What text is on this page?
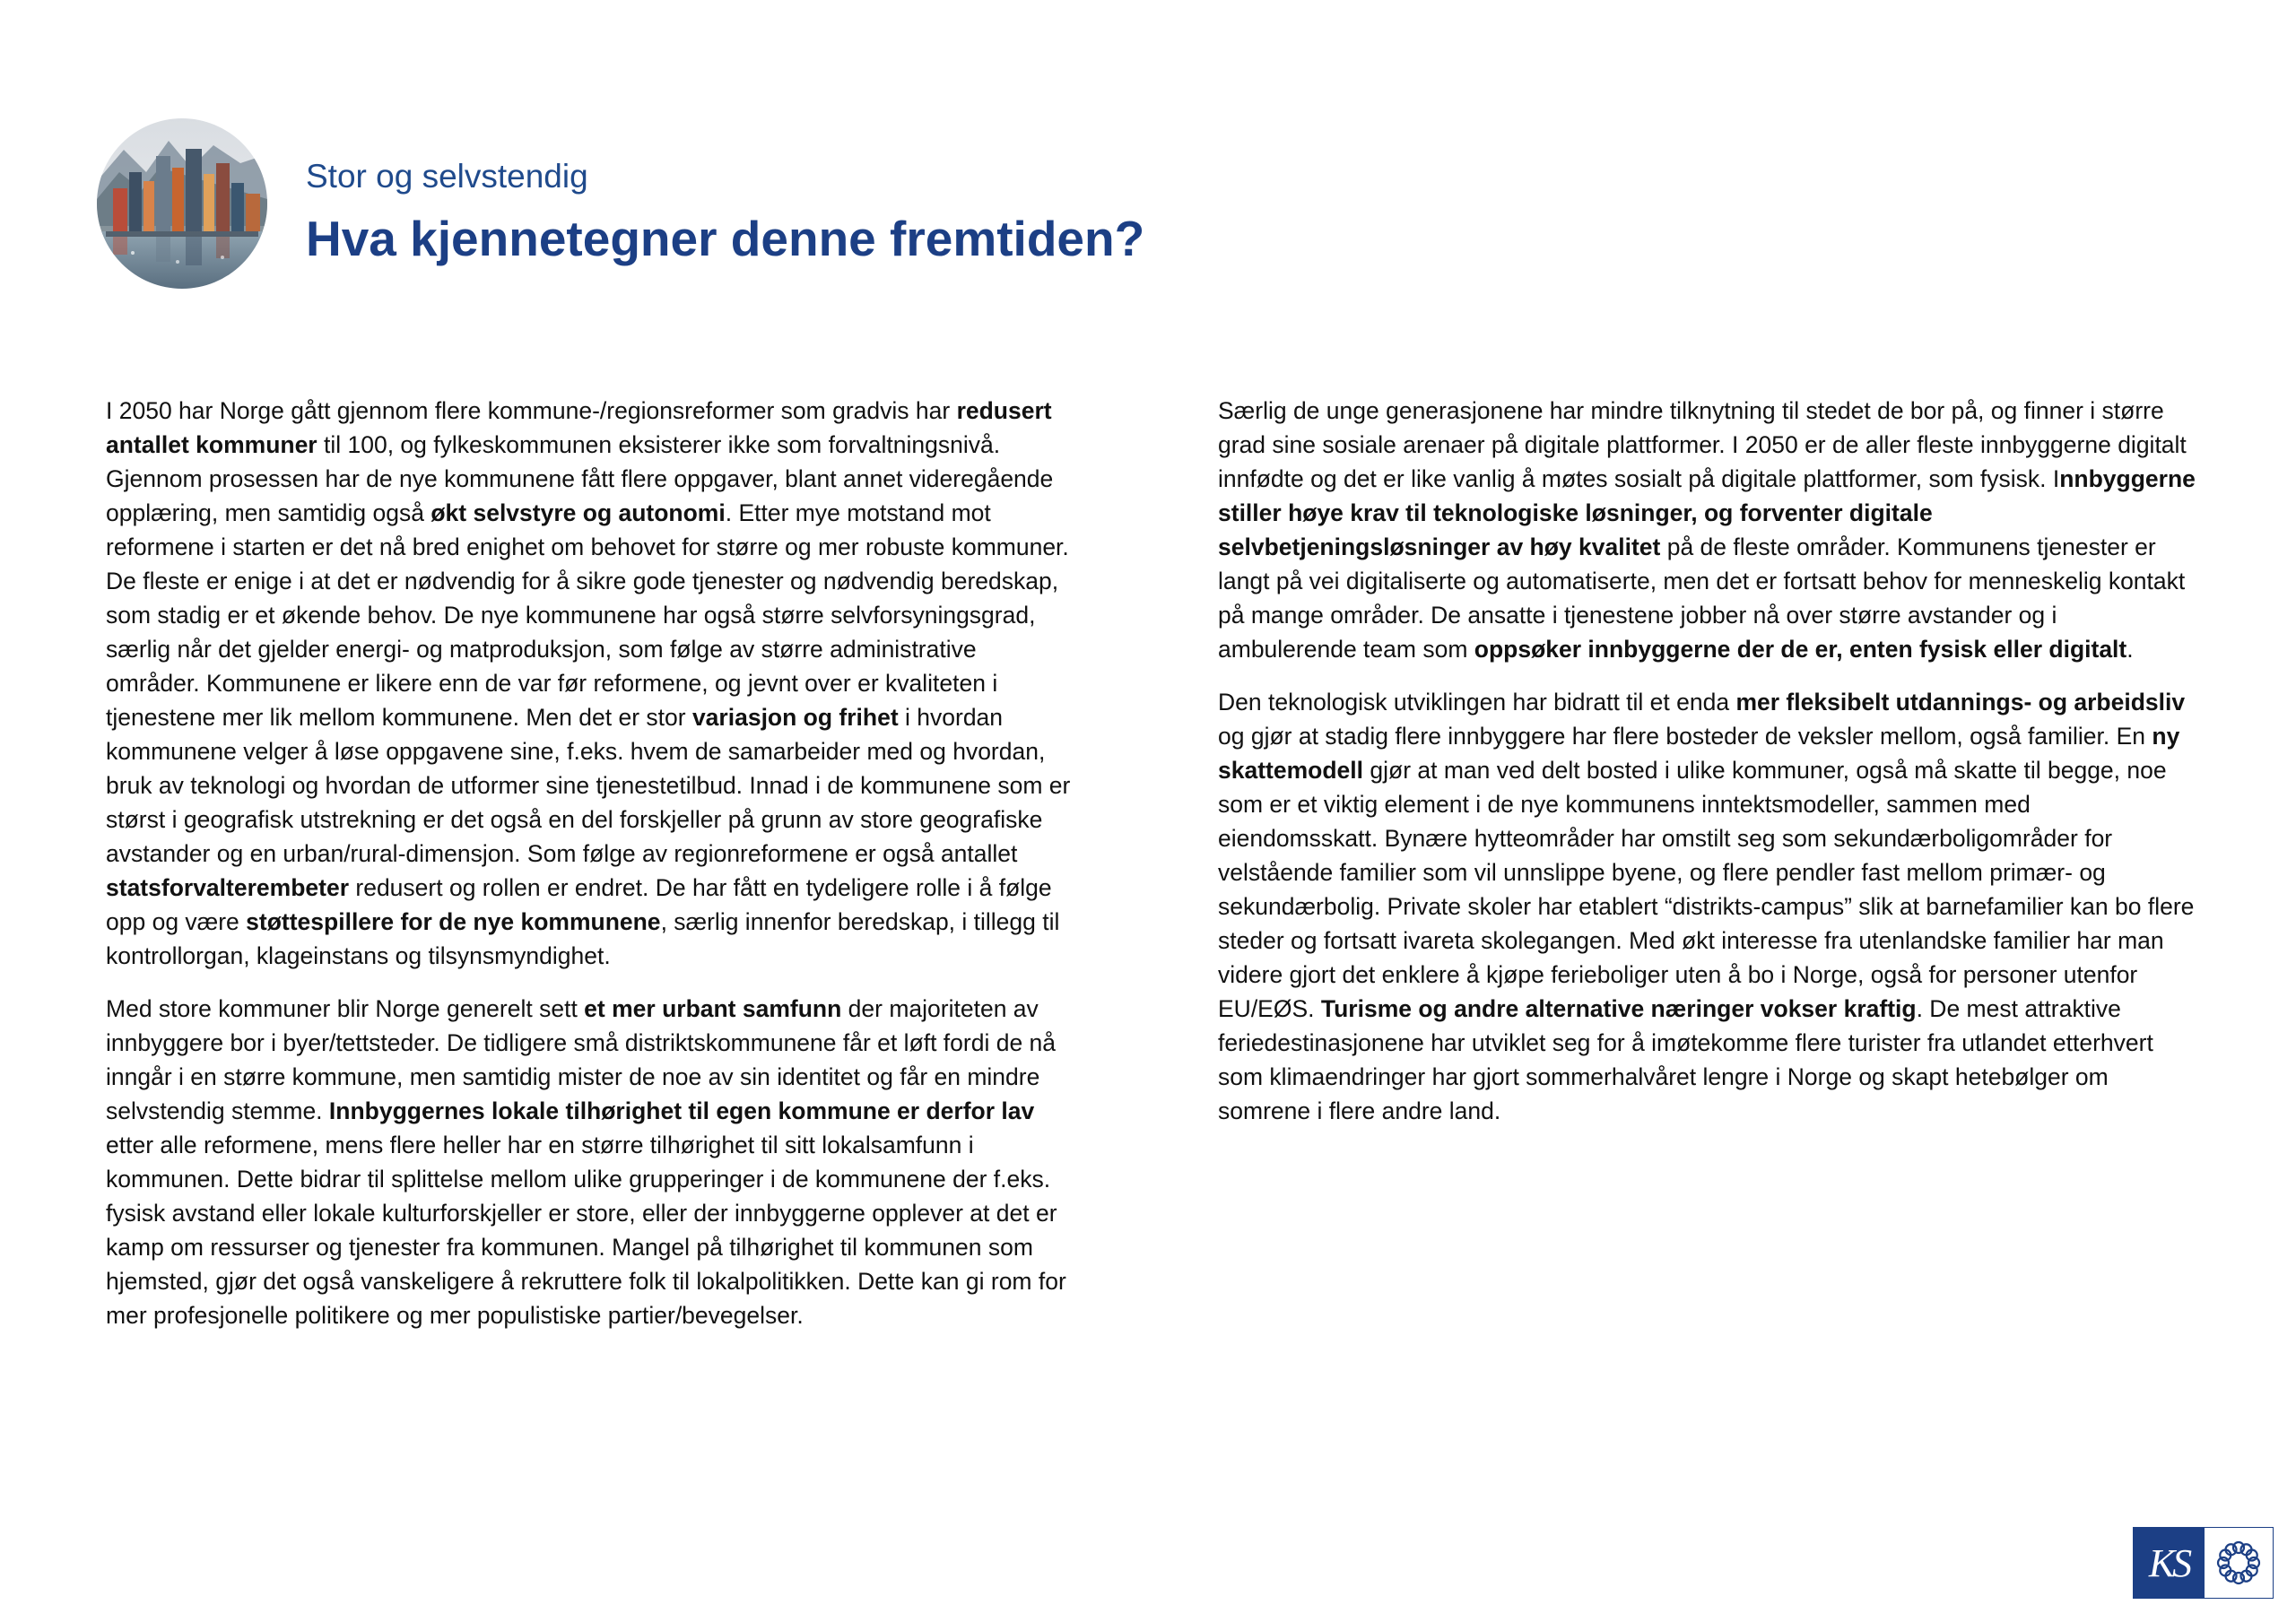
Stor og selvstendig
Hva kjennetegner denne fremtiden?

I 2050 har Norge gått gjennom flere kommune-/regionsreformer som gradvis har redusert antallet kommuner til 100, og fylkeskommunen eksisterer ikke som forvaltningsnivå. Gjennom prosessen har de nye kommunene fått flere oppgaver, blant annet videregående opplæring, men samtidig også økt selvstyre og autonomi. Etter mye motstand mot reformene i starten er det nå bred enighet om behovet for større og mer robuste kommuner. De fleste er enige i at det er nødvendig for å sikre gode tjenester og nødvendig beredskap, som stadig er et økende behov. De nye kommunene har også større selvforsyningsgrad, særlig når det gjelder energi- og matproduksjon, som følge av større administrative områder. Kommunene er likere enn de var før reformene, og jevnt over er kvaliteten i tjenestene mer lik mellom kommunene. Men det er stor variasjon og frihet i hvordan kommunene velger å løse oppgavene sine, f.eks. hvem de samarbeider med og hvordan, bruk av teknologi og hvordan de utformer sine tjenestetilbud. Innad i de kommunene som er størst i geografisk utstrekning er det også en del forskjeller på grunn av store geografiske avstander og en urban/rural-dimensjon. Som følge av regionreformene er også antallet statsforvalterembeter redusert og rollen er endret. De har fått en tydeligere rolle i å følge opp og være støttespillere for de nye kommunene, særlig innenfor beredskap, i tillegg til kontrollorgan, klageinstans og tilsynsmyndighet.

Med store kommuner blir Norge generelt sett et mer urbant samfunn der majoriteten av innbyggere bor i byer/tettsteder. De tidligere små distriktskommunene får et løft fordi de nå inngår i en større kommune, men samtidig mister de noe av sin identitet og får en mindre selvstendig stemme. Innbyggernes lokale tilhørighet til egen kommune er derfor lav etter alle reformene, mens flere heller har en større tilhørighet til sitt lokalsamfunn i kommunen. Dette bidrar til splittelse mellom ulike grupperinger i de kommunene der f.eks. fysisk avstand eller lokale kulturforskjeller er store, eller der innbyggerne opplever at det er kamp om ressurser og tjenester fra kommunen. Mangel på tilhørighet til kommunen som hjemsted, gjør det også vanskeligere å rekruttere folk til lokalpolitikken. Dette kan gi rom for mer profesjonelle politikere og mer populistiske partier/bevegelser.

Særlig de unge generasjonene har mindre tilknytning til stedet de bor på, og finner i større grad sine sosiale arenaer på digitale plattformer. I 2050 er de aller fleste innbyggerne digitalt innfødte og det er like vanlig å møtes sosialt på digitale plattformer, som fysisk. Innbyggerne stiller høye krav til teknologiske løsninger, og forventer digitale selvbetjeningsløsninger av høy kvalitet på de fleste områder. Kommunens tjenester er langt på vei digitaliserte og automatiserte, men det er fortsatt behov for menneskelig kontakt på mange områder. De ansatte i tjenestene jobber nå over større avstander og i ambulerende team som oppsøker innbyggerne der de er, enten fysisk eller digitalt.

Den teknologisk utviklingen har bidratt til et enda mer fleksibelt utdannings- og arbeidsliv og gjør at stadig flere innbyggere har flere bosteder de veksler mellom, også familier. En ny skattemodell gjør at man ved delt bosted i ulike kommuner, også må skatte til begge, noe som er et viktig element i de nye kommunens inntektsmodeller, sammen med eiendomsskatt. Bynære hytteområder har omstilt seg som sekundærboligområder for velstående familier som vil unnslippe byene, og flere pendler fast mellom primær- og sekundærbolig. Private skoler har etablert “distrikts-campus” slik at barnefamilier kan bo flere steder og fortsatt ivareta skolegangen. Med økt interesse fra utenlandske familier har man videre gjort det enklere å kjøpe ferieboliger uten å bo i Norge, også for personer utenfor EU/EØS. Turisme og andre alternative næringer vokser kraftig. De mest attraktive feriedestinasjonene har utviklet seg for å imøtekomme flere turister fra utlandet etterhvert som klimaendringer har gjort sommerhalvåret lengre i Norge og skapt hetebølger om somrene i flere andre land.

KS
